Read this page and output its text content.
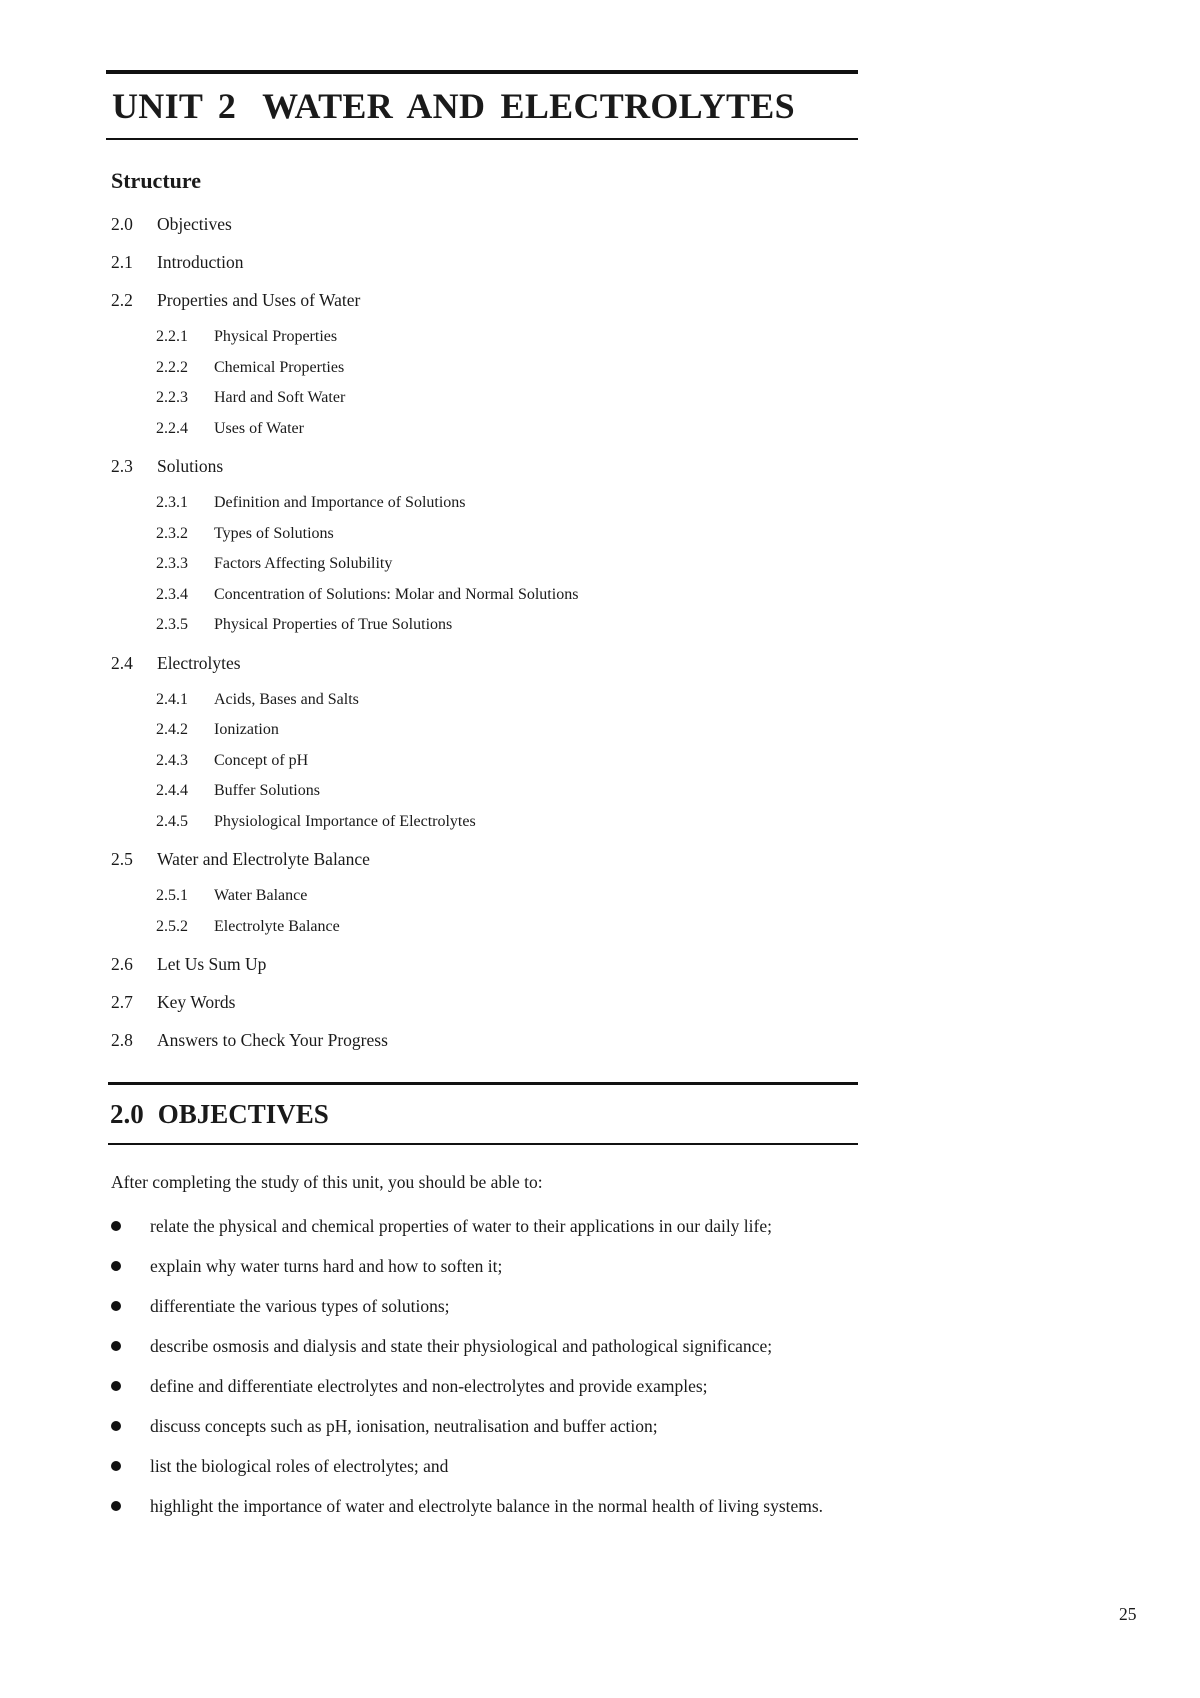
UNIT 2 WATER AND ELECTROLYTES
Structure
2.0	Objectives
2.1	Introduction
2.2	Properties and Uses of Water
2.2.1	Physical Properties
2.2.2	Chemical Properties
2.2.3	Hard and Soft Water
2.2.4	Uses of Water
2.3	Solutions
2.3.1	Definition and Importance of Solutions
2.3.2	Types of Solutions
2.3.3	Factors Affecting Solubility
2.3.4	Concentration of Solutions: Molar and Normal Solutions
2.3.5	Physical Properties of True Solutions
2.4	Electrolytes
2.4.1	Acids, Bases and Salts
2.4.2	Ionization
2.4.3	Concept of pH
2.4.4	Buffer Solutions
2.4.5	Physiological Importance of Electrolytes
2.5	Water and Electrolyte Balance
2.5.1	Water Balance
2.5.2	Electrolyte Balance
2.6	Let Us Sum Up
2.7	Key Words
2.8	Answers to Check Your Progress
2.0 OBJECTIVES
After completing the study of this unit, you should be able to:
relate the physical and chemical properties of water to their applications in our daily life;
explain why water turns hard and how to soften it;
differentiate the various types of solutions;
describe osmosis and dialysis and state their physiological and pathological significance;
define and differentiate electrolytes and non-electrolytes and provide examples;
discuss concepts such as pH, ionisation, neutralisation and buffer action;
list the biological roles of electrolytes; and
highlight the importance of water and electrolyte balance in the normal health of living systems.
25
